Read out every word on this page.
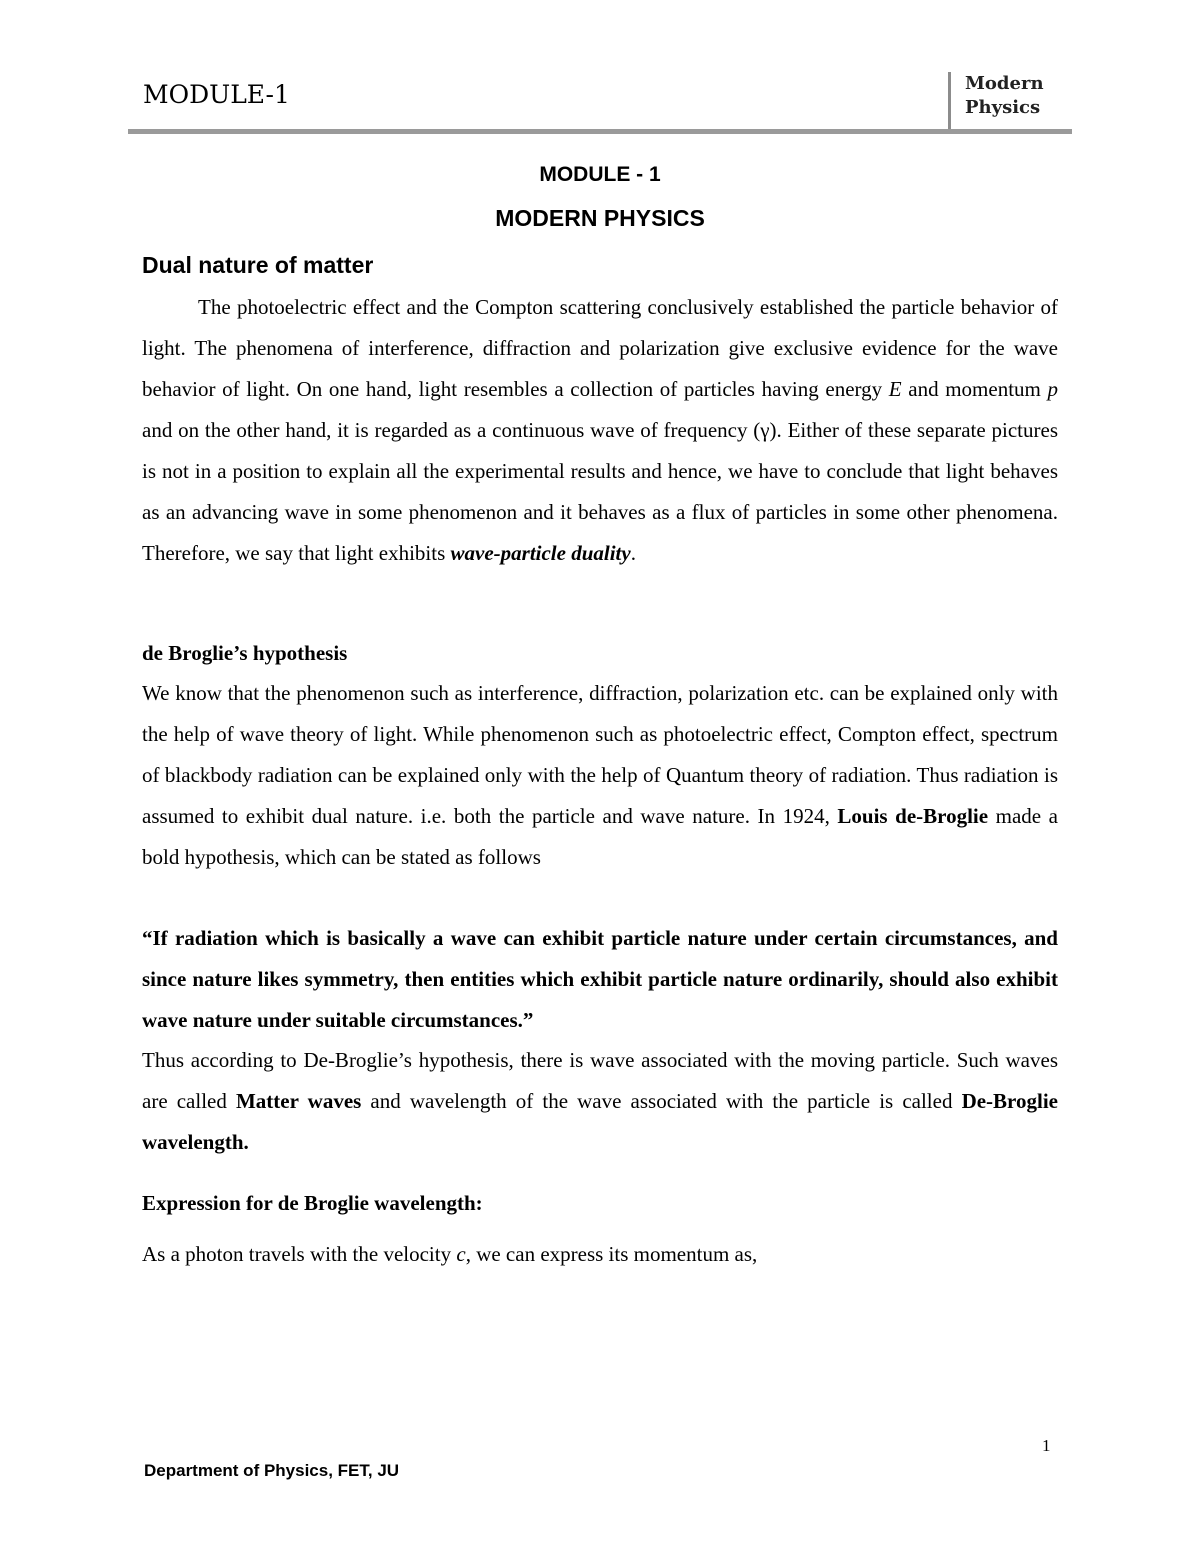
MODULE-1	Modern
Physics
MODULE - 1
MODERN PHYSICS
Dual nature of matter
The photoelectric effect and the Compton scattering conclusively established the particle behavior of light. The phenomena of interference, diffraction and polarization give exclusive evidence for the wave behavior of light. On one hand, light resembles a collection of particles having energy E and momentum p and on the other hand, it is regarded as a continuous wave of frequency (γ). Either of these separate pictures is not in a position to explain all the experimental results and hence, we have to conclude that light behaves as an advancing wave in some phenomenon and it behaves as a flux of particles in some other phenomena. Therefore, we say that light exhibits wave-particle duality.
de Broglie’s hypothesis
We know that the phenomenon such as interference, diffraction, polarization etc. can be explained only with the help of wave theory of light. While phenomenon such as photoelectric effect, Compton effect, spectrum of blackbody radiation can be explained only with the help of Quantum theory of radiation. Thus radiation is assumed to exhibit dual nature. i.e. both the particle and wave nature. In 1924, Louis de-Broglie made a bold hypothesis, which can be stated as follows
“If radiation which is basically a wave can exhibit particle nature under certain circumstances, and since nature likes symmetry, then entities which exhibit particle nature ordinarily, should also exhibit wave nature under suitable circumstances.”
Thus according to De-Broglie’s hypothesis, there is wave associated with the moving particle. Such waves are called Matter waves and wavelength of the wave associated with the particle is called De-Broglie wavelength.
Expression for de Broglie wavelength:
As a photon travels with the velocity c, we can express its momentum as,
1
Department of Physics, FET, JU
